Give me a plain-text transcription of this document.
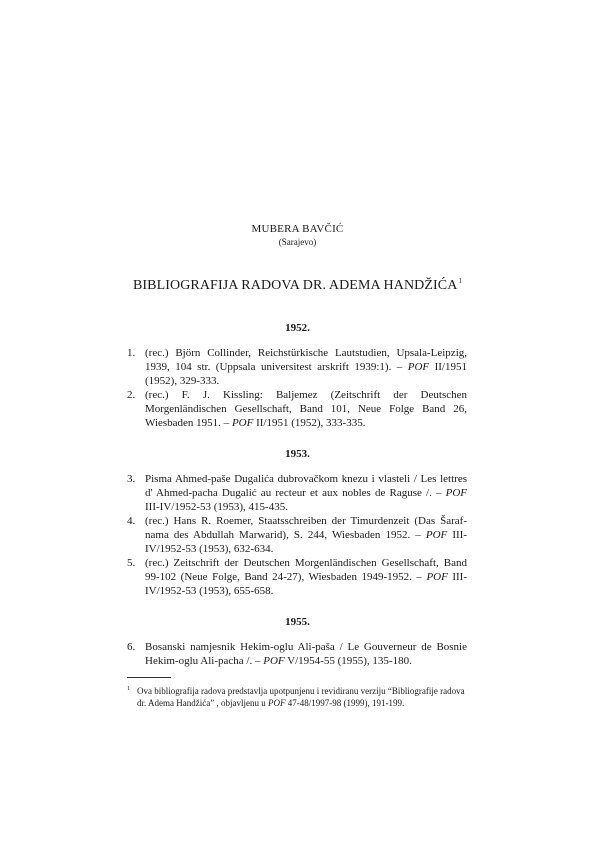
MUBERA BAVČIĆ
(Sarajevo)
BIBLIOGRAFIJA RADOVA DR. ADEMA HANDŽIĆA$^1$
1952.
1. (rec.) Björn Collinder, Reichstürkische Lautstudien, Upsala-Leipzig, 1939, 104 str. (Uppsala universitest arskrift 1939:1). – POF II/1951 (1952), 329-333.
2. (rec.) F. J. Kissling: Baljemez (Zeitschrift der Deutschen Morgenländischen Gesellschaft, Band 101, Neue Folge Band 26, Wiesbaden 1951. – POF II/1951 (1952), 333-335.
1953.
3. Pisma Ahmed-paše Dugalića dubrovačkom knezu i vlasteli / Les lettres d' Ahmed-pacha Dugalić au recteur et aux nobles de Raguse /. – POF III-IV/1952-53 (1953), 415-435.
4. (rec.) Hans R. Roemer, Staatsschreiben der Timurdenzeit (Das Šaraf-nama des Abdullah Marwarid), S. 244, Wiesbaden 1952. – POF III-IV/1952-53 (1953), 632-634.
5. (rec.) Zeitschrift der Deutschen Morgenländischen Gesellschaft, Band 99-102 (Neue Folge, Band 24-27), Wiesbaden 1949-1952. – POF III-IV/1952-53 (1953), 655-658.
1955.
6. Bosanski namjesnik Hekim-oglu Ali-paša / Le Gouverneur de Bosnie Hekim-oglu Ali-pacha /. – POF V/1954-55 (1955), 135-180.
1 Ova bibliografija radova predstavlja upotpunjenu i revidiranu verziju “Bibliografije radova dr. Adema Handžića” , objavljenu u POF 47-48/1997-98 (1999), 191-199.
